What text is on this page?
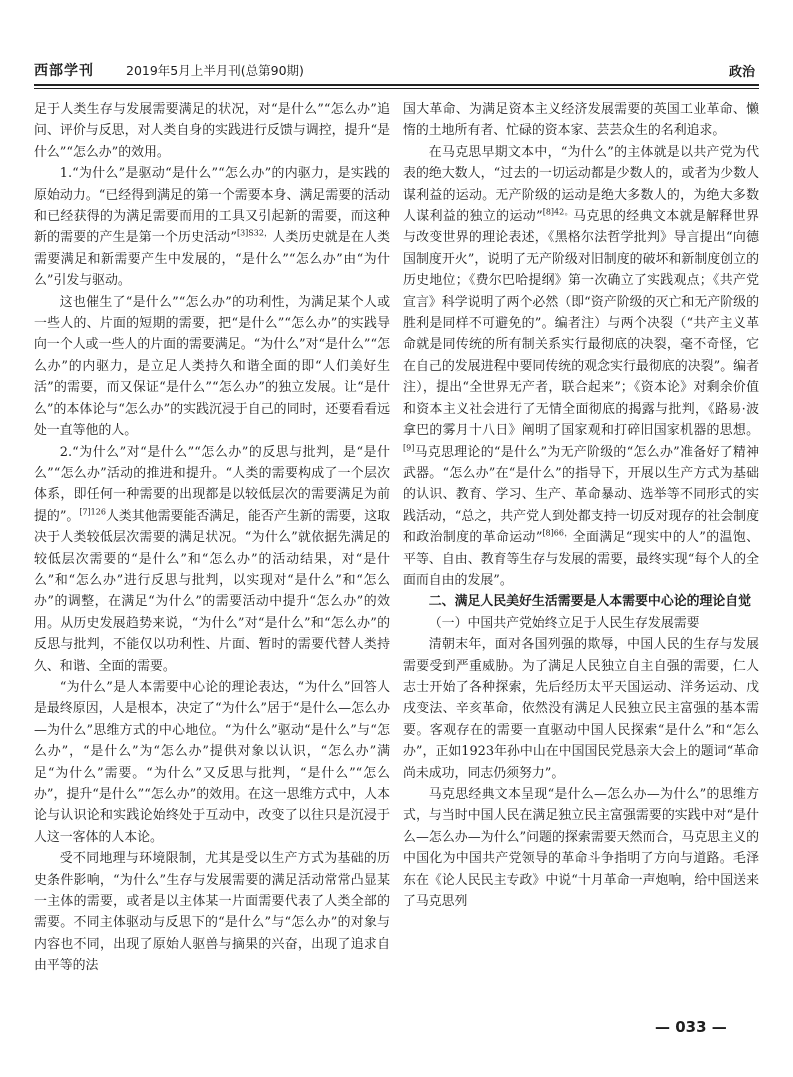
西部学刊	2019年5月上半月刊(总第90期)	政治

足于人类生存与发展需要满足的状况，对“是什么”“怎么办”追问、评价与反思，对人类自身的实践进行反馈与调控，提升“是什么”“怎么办”的效用。

1.“为什么”是驱动“是什么”“怎么办”的内驱力，是实践的原始动力。“已经得到满足的第一个需要本身、满足需要的活动和已经获得的为满足需要而用的工具又引起新的需要，而这种新的需要的产生是第一个历史活动”$^{[3]S32,}$人类历史就是在人类需要满足和新需要产生中发展的，“是什么”“怎么办”由“为什么”引发与驱动。

这也催生了“是什么”“怎么办”的功利性，为满足某个人或一些人的、片面的短期的需要，把“是什么”“怎么办”的实践导向一个人或一些人的片面的需要满足。“为什么”对“是什么”“怎么办”的内驱力，是立足人类持久和谐全面的即“人们美好生活”的需要，而又保证“是什么”“怎么办”的独立发展。让“是什么”的本体论与“怎么办”的实践沉浸于自己的同时，还要看看远处一直等他的人。

2.“为什么”对“是什么”“怎么办”的反思与批判，是“是什么”“怎么办”活动的推进和提升。“人类的需要构成了一个层次体系，即任何一种需要的出现都是以较低层次的需要满足为前提的”。$^{[7]126}$人类其他需要能否满足，能否产生新的需要，这取决于人类较低层次需要的满足状况。“为什么”就依据先满足的较低层次需要的“是什么”和“怎么办”的活动结果，对“是什么”和“怎么办”进行反思与批判，以实现对“是什么”和“怎么办”的调整，在满足“为什么”的需要活动中提升“怎么办”的效用。从历史发展趋势来说，“为什么”对“是什么”和“怎么办”的反思与批判，不能仅以功利性、片面、暂时的需要代替人类持久、和谐、全面的需要。

“为什么”是人本需要中心论的理论表达，“为什么”回答人是最终原因，人是根本，决定了“为什么”居于“是什么—怎么办—为什么”思维方式的中心地位。“为什么”驱动“是什么”与“怎么办”，“是什么”为“怎么办”提供对象以认识，“怎么办”满足“为什么”需要。“为什么”又反思与批判，“是什么”“怎么办”，提升“是什么”“怎么办”的效用。在这一思维方式中，人本论与认识论和实践论始终处于互动中，改变了以往只是沉浸于人这一客体的人本论。

受不同地理与环境限制，尤其是受以生产方式为基础的历史条件影响，“为什么”生存与发展需要的满足活动常常凸显某一主体的需要，或者是以主体某一片面需要代表了人类全部的需要。不同主体驱动与反思下的“是什么”与“怎么办”的对象与内容也不同，出现了原始人驱兽与摘果的兴奋，出现了追求自由平等的法

国大革命、为满足资本主义经济发展需要的英国工业革命、懒惰的土地所有者、忙碌的资本家、芸芸众生的名利追求。

在马克思早期文本中，“为什么”的主体就是以共产党为代表的绝大数人，“过去的一切运动都是少数人的，或者为少数人谋利益的运动。无产阶级的运动是绝大多数人的，为绝大多数人谋利益的独立的运动”$^{[8]42。}$马克思的经典文本就是解释世界与改变世界的理论表述，《黑格尔法哲学批判》导言提出“向德国制度开火”，说明了无产阶级对旧制度的破坏和新制度创立的历史地位；《费尔巴哈提纲》第一次确立了实践观点；《共产党宣言》科学说明了两个必然（即“资产阶级的灭亡和无产阶级的胜利是同样不可避免的”。编者注）与两个决裂（“共产主义革命就是同传统的所有制关系实行最彻底的决裂，毫不奇怪，它在自己的发展进程中要同传统的观念实行最彻底的决裂”。编者注），提出“全世界无产者，联合起来”；《资本论》对剩余价值和资本主义社会进行了无情全面彻底的揭露与批判，《路易·波拿巴的雾月十八日》阐明了国家观和打碎旧国家机器的思想。[9]马克思理论的“是什么”为无产阶级的“怎么办”准备好了精神武器。“怎么办”在“是什么”的指导下，开展以生产方式为基础的认识、教育、学习、生产、革命暴动、选举等不同形式的实践活动，“总之，共产党人到处都支持一切反对现存的社会制度和政治制度的革命运动”$^{[8]66,}$全面满足“现实中的人”的温饱、平等、自由、教育等生存与发展的需要，最终实现“每个人的全面而自由的发展”。

二、满足人民美好生活需要是人本需要中心论的理论自觉
（一）中国共产党始终立足于人民生存发展需要

清朝末年，面对各国列强的欺辱，中国人民的生存与发展需要受到严重威胁。为了满足人民独立自主自强的需要，仁人志士开始了各种探索，先后经历太平天国运动、洋务运动、戊戌变法、辛亥革命，依然没有满足人民独立民主富强的基本需要。客观存在的需要一直驱动中国人民探索“是什么”和“怎么办”，正如1923年孙中山在中国国民党恳亲大会上的题词“革命尚未成功，同志仍须努力”。

马克思经典文本呈现“是什么—怎么办—为什么”的思维方式，与当时中国人民在满足独立民主富强需要的实践中对“是什么—怎么办—为什么”问题的探索需要天然而合，马克思主义的中国化为中国共产党领导的革命斗争指明了方向与道路。毛泽东在《论人民民主专政》中说“十月革命一声炮响，给中国送来了马克思列

— 033 —
